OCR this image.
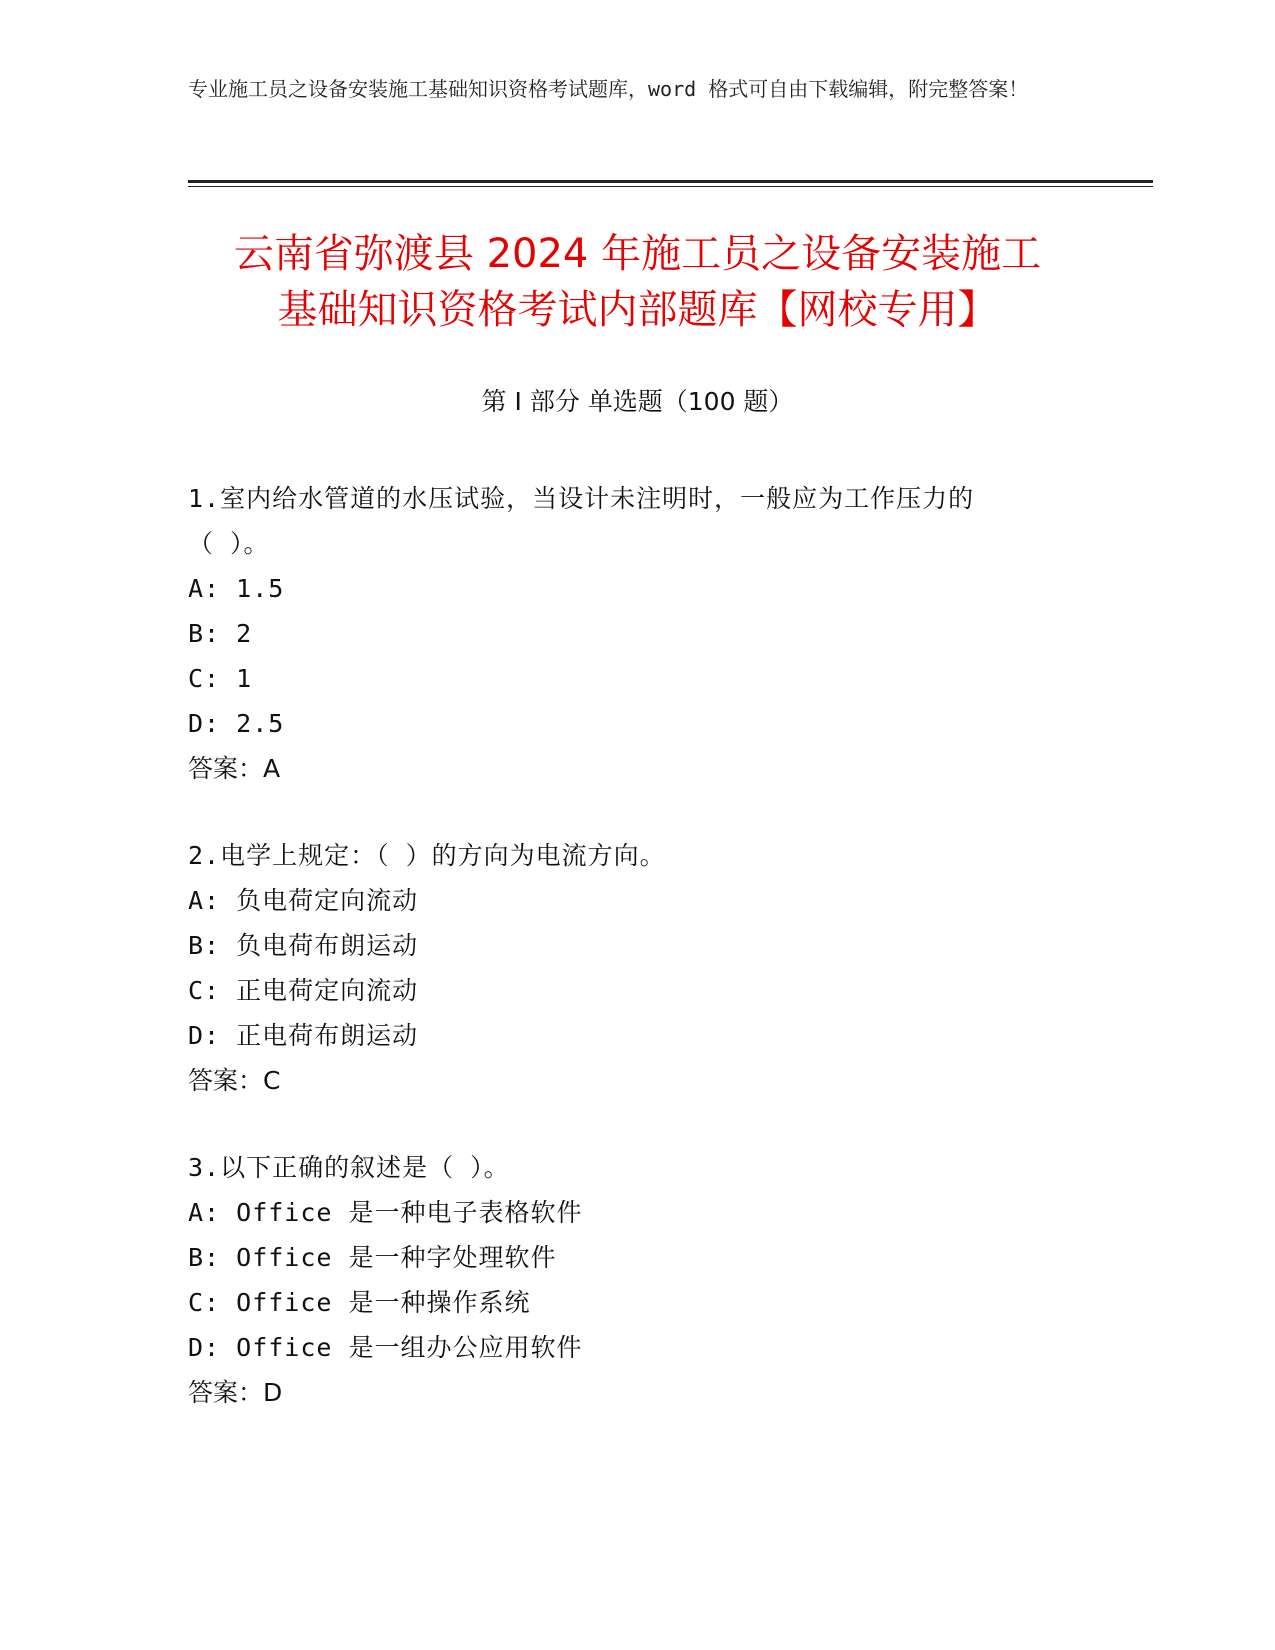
专业施工员之设备安装施工基础知识资格考试题库，word 格式可自由下载编辑，附完整答案！
云南省弥渡县 2024 年施工员之设备安装施工
基础知识资格考试内部题库【网校专用】
第 I 部分 单选题（100 题）
1.室内给水管道的水压试验，当设计未注明时，一般应为工作压力的
（ ）。
A: 1.5
B: 2
C: 1
D: 2.5
答案：A
2.电学上规定：（ ）的方向为电流方向。
A: 负电荷定向流动
B: 负电荷布朗运动
C: 正电荷定向流动
D: 正电荷布朗运动
答案：C
3.以下正确的叙述是（ ）。
A: Office 是一种电子表格软件
B: Office 是一种字处理软件
C: Office 是一种操作系统
D: Office 是一组办公应用软件
答案：D
